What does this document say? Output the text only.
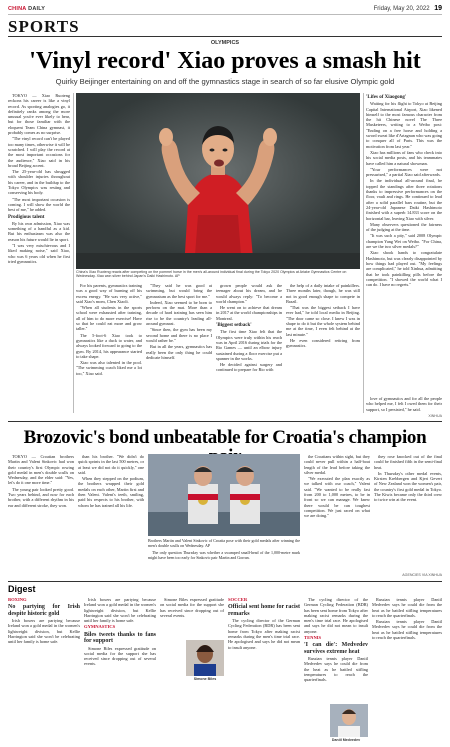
CHINA DAILY	Friday, May 20, 2022 19
SPORTS
OLYMPICS
'Vinyl record' Xiao proves a smash hit
Quirky Beijinger entertaining on and off the gymnastics stage in search of so far elusive Olympic gold

TOKYO — Xiao Ruoteng reckons his career is like a vinyl record. As sporting analogies go, it definitely ranks among the more unusual you're ever likely to hear, but for those familiar with the eloquent Team China gymnast, it probably comes as no surprise.

"The vinyl record can't be played too many times, otherwise it will be scratched. I will play the record at the most important occasions for the audience," Xiao said in his broad Beijing accent.

The 25-year-old has shrugged with shoulder injuries throughout his career, and in the buildup to the Tokyo Olympics was resting and conserving his body.

"The most important occasion is coming. I will show the world the best of me," he added.

Prodigious talent

By his own admission, Xiao was something of a handful as a kid. But his enthusiasm was also the reason his future would lie in sport.

"I was very mischievous and I liked making noise," said Xiao, who was 6 years old when he first tried gymnastics.

China's Xiao Ruoteng reacts after competing on the pommel horse in the men's all-around individual final during the Tokyo 2020 Olympics at Ariake Gymnastics Centre on Wednesday. Xiao won silver behind Japan's Daiki Hashimoto. AP

For his parents, gymnastics training was a good way of burning off his excess energy. "He was very active," said Xiao's mom, Chen Xiaoli.

"When all students in the sports school were exhausted after training, all of him to do more exercise! Have so that he could eat more and grow taller."

The 5-foot-6 Xiao took to gymnastics like a duck to water, and always looked forward to going to the gym. By 2014, his appearance started to take shape.

Xiao was also talented in the pool. "The swimming coach liked me a lot too," Xiao said.

"They said he was good at swimming, but would bring the gymnasium as the best sport for me."

Indeed, Xiao seemed to be born to perform on the mat. More than a decade of hard training has seen him rise to be the country's leading all-around gymnast.

"Since then, the gym has been my second home and there is no place I would rather be."

But in all the years, gymnastics has really been the only thing he could dedicate himself.

grown people would ask the teenager about his dream, and he would always reply: "To become a world champion."

He went on to achieve that dream in 2017 at the world championships in Montreal.

'Biggest setback'

The first time Xiao felt that the Olympics were truly within his reach was in April 2016 during trials for the Rio Games — until an elbow injury sustained during a floor exercise put a spanner in the works.

He decided against surgery and continued to prepare for Rio with

the help of a daily intake of painkillers. Three months later, though, he was still not in good enough shape to compete in Brazil.

"That was the biggest setback I have ever had," he told local media in Beijing. "The door came so close. I knew I was in shape to do it but the whole system behind me at the time, I even felt behind at the last minute."

He even considered retiring from gymnastics.

'Lifes of Xiaogong'

Waiting for his flight to Tokyo at Beijing Capital International Airport, Xiao likened himself to the most famous character from the hit Chinese novel The Three Musketeers, writing to a Weibo post: "Ending on a free horse and holding a sword sweat like d'Artagnan who was going to conquer all of Paris. This was the motivation from last year."

Xiao has millions of fans who check into his social media posts, and his teammates have called him a natural showman.

"Your performances were not pressurised," a partial Xiao said afterwards.

In the individual all-around final, he topped the standings after three rotations thanks to impressive performances on the floor, vault and rings. He continued to lead after a solid parallel bars routine, but the 24-year-old Japanese Daiki Hashimoto finished with a superb 14.833 score on the horizontal bar, leaving Xiao with silver.

Many observers questioned the fairness of the judging at the time.

"It was such a pity," said 2008 Olympic champion Yang Wei on Weibo. "For China, are we the two silver medals?"

Xiao shook hands to congratulate Hashimoto, but was clearly disappointed by how things had played out. "My feelings are complicated," he told Xinhua, admitting that he took painkilling pills before the competition. "I showed the world what I can do. I have no regrets."

love of gymnastics and for all the people who helped me, I felt I owed them for their support, so I persisted," he said.

XINHUA
Brozovic's bond unbeatable for Croatia's champion

TOKYO — Croatian brothers Martin and Valent Sinkovic had won their country's first Olympic rowing gold medal in men's double sculls on Wednesday, and the elder said: "Yes, let's do it one more time."

The young pair looked pretty good. Two years behind, and now for each brother, with a different rhythm in his ear and different stroke, they won.

than his brother. "We didn't do quick sprints in the last 500 metres, or at least we did not do it quickly," one said.

When they stepped on the podium, the brothers wrapped their gold medals on each other, Martin first and then Valent. Valent's teeth, smiling, paid his respects to his brother, with whom he has trained all his life.

Brothers Martin and Valent Sinkovic of Croatia pose with their gold medals after winning the men's double sculls on Wednesday. AP

The only question Thursday was whether a swamped small-head of the 1,000-metre mark might have been too early for Sinkovic pair Martin and Gorran.

the Croatians within sight, but they could never pull within a half-boat length of the lead before taking the silver medal.

"We executed the plan exactly as we talked with our coach," Valent said. "We wanted to be really fast from 200 to 1,000 metres, to be in front so we can manage. We knew there would be can toughest competition. We just raced on what we are doing."

they rose knocked out of the final could be finished fifth in the semi-final heat.

In Thursday's other medal events, Kirsten Krebbergen and Kjeri Gevert of New Zealand won the women's pair, the country's first gold medal in Tokyo. The Kiwis became only the third crew to twice win at the event.

AGENCIES VIA XINHUA
Digest

BOXING

No partying for Irish despite historic gold

Irish boxers are partying because Ireland won a gold medal in the women's lightweight division, but Kellie Harrington said she won't be celebrating until her family is home safe.

Irish boxers are partying because Ireland won a gold medal in the women's lightweight division, but Kellie Harrington said she won't be celebrating until her family is home safe.

GYMNASTICS

Biles tweets thanks to fans for support

Simone Biles expressed gratitude on social media for the support she has received since dropping out of several events.

Simone Biles expressed gratitude on social media for the support she has received since dropping out of several events.

Simone Biles

SOCCER

Official sent home for racist remarks

The cycling director of the German Cycling Federation (BDR) has been sent home from Tokyo after making racist remarks during the men's time trial race. He apologised and says he did not mean to insult anyone.

The cycling director of the German Cycling Federation (BDR) has been sent home from Tokyo after making racist remarks during the men's time trial race. He apologised and says he did not mean to insult anyone.

TENNIS

'I can die': Medvedev survives extreme heat

Russian tennis player Daniil Medvedev says he could die from the heat as he battled stifling temperatures to reach the quarterfinals.

Daniil Medvedev

Russian tennis player Daniil Medvedev says he could die from the heat as he battled stifling temperatures to reach the quarterfinals.

Russian tennis player Daniil Medvedev says he could die from the heat as he battled stifling temperatures to reach the quarterfinals.
